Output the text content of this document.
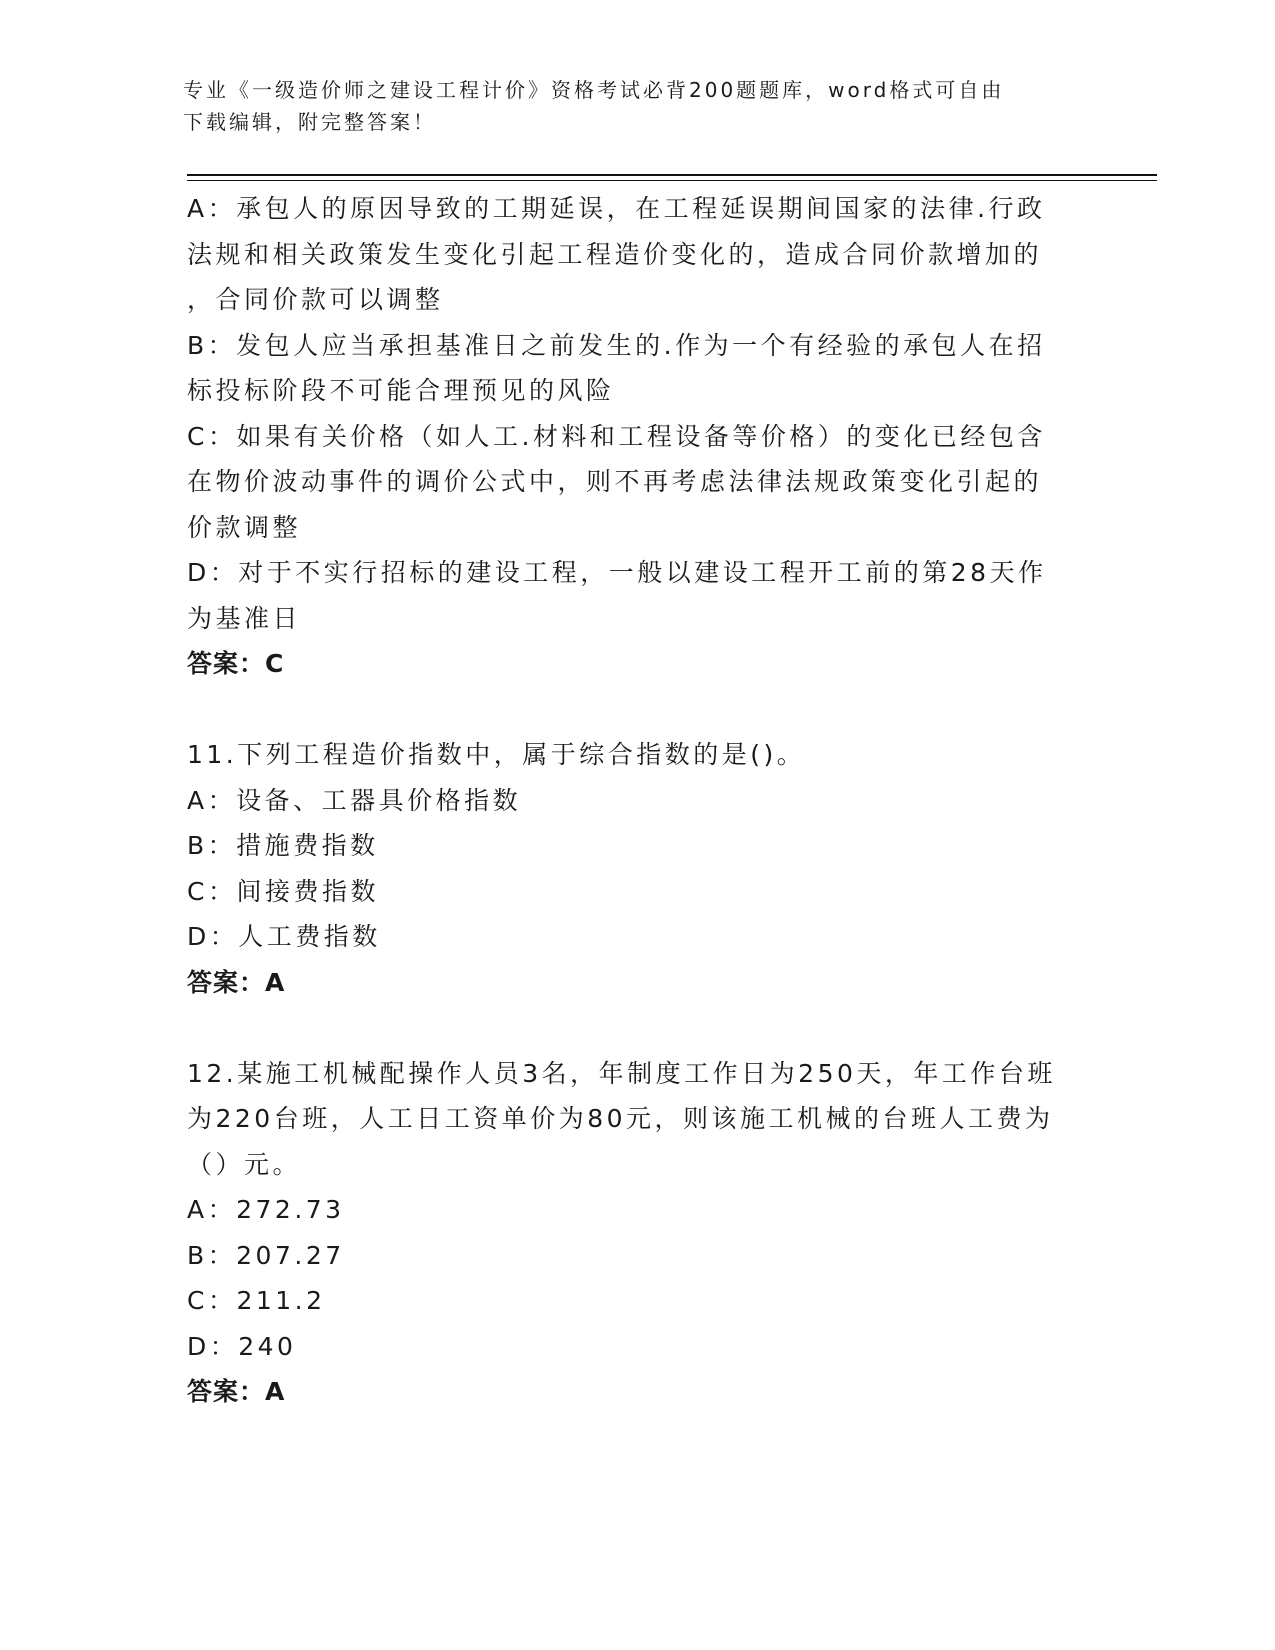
专业《一级造价师之建设工程计价》资格考试必背200题题库，word格式可自由
下载编辑，附完整答案！
A：承包人的原因导致的工期延误，在工程延误期间国家的法律.行政
法规和相关政策发生变化引起工程造价变化的，造成合同价款增加的
，合同价款可以调整
B：发包人应当承担基准日之前发生的.作为一个有经验的承包人在招
标投标阶段不可能合理预见的风险
C：如果有关价格（如人工.材料和工程设备等价格）的变化已经包含
在物价波动事件的调价公式中，则不再考虑法律法规政策变化引起的
价款调整
D：对于不实行招标的建设工程，一般以建设工程开工前的第28天作
为基准日
答案：C
11.下列工程造价指数中，属于综合指数的是()。
A：设备、工器具价格指数
B：措施费指数
C：间接费指数
D：人工费指数
答案：A
12.某施工机械配操作人员3名，年制度工作日为250天，年工作台班
为220台班，人工日工资单价为80元，则该施工机械的台班人工费为
（）元。
A：272.73
B：207.27
C：211.2
D：240
答案：A
